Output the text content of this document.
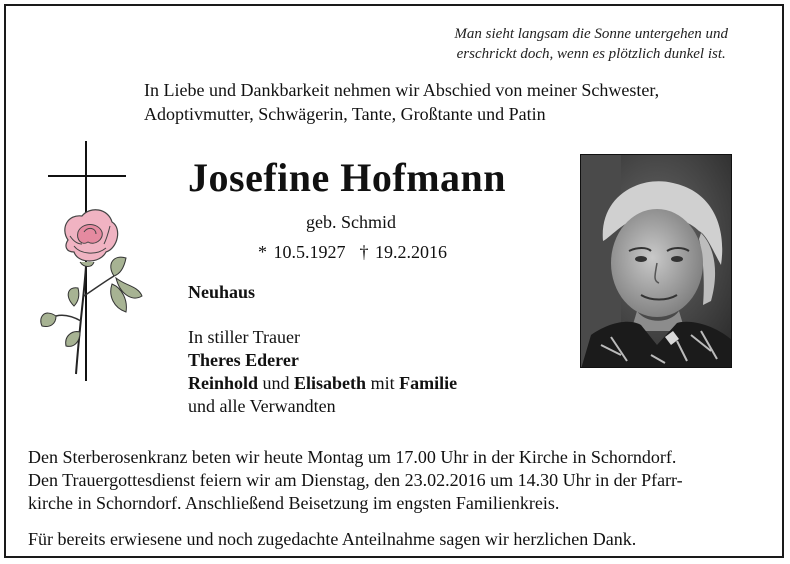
Man sieht langsam die Sonne untergehen und
erschrickt doch, wenn es plötzlich dunkel ist.
In Liebe und Dankbarkeit nehmen wir Abschied von meiner Schwester,
Adoptivmutter, Schwägerin, Tante, Großtante und Patin
Josefine Hofmann
geb. Schmid
* 10.5.1927 † 19.2.2016
Neuhaus
In stiller Trauer
Theres Ederer
Reinhold und Elisabeth mit Familie
und alle Verwandten
Den Sterberosenkranz beten wir heute Montag um 17.00 Uhr in der Kirche in Schorndorf.
Den Trauergottesdienst feiern wir am Dienstag, den 23.02.2016 um 14.30 Uhr in der Pfarr-
kirche in Schorndorf. Anschließend Beisetzung im engsten Familienkreis.
Für bereits erwiesene und noch zugedachte Anteilnahme sagen wir herzlichen Dank.
